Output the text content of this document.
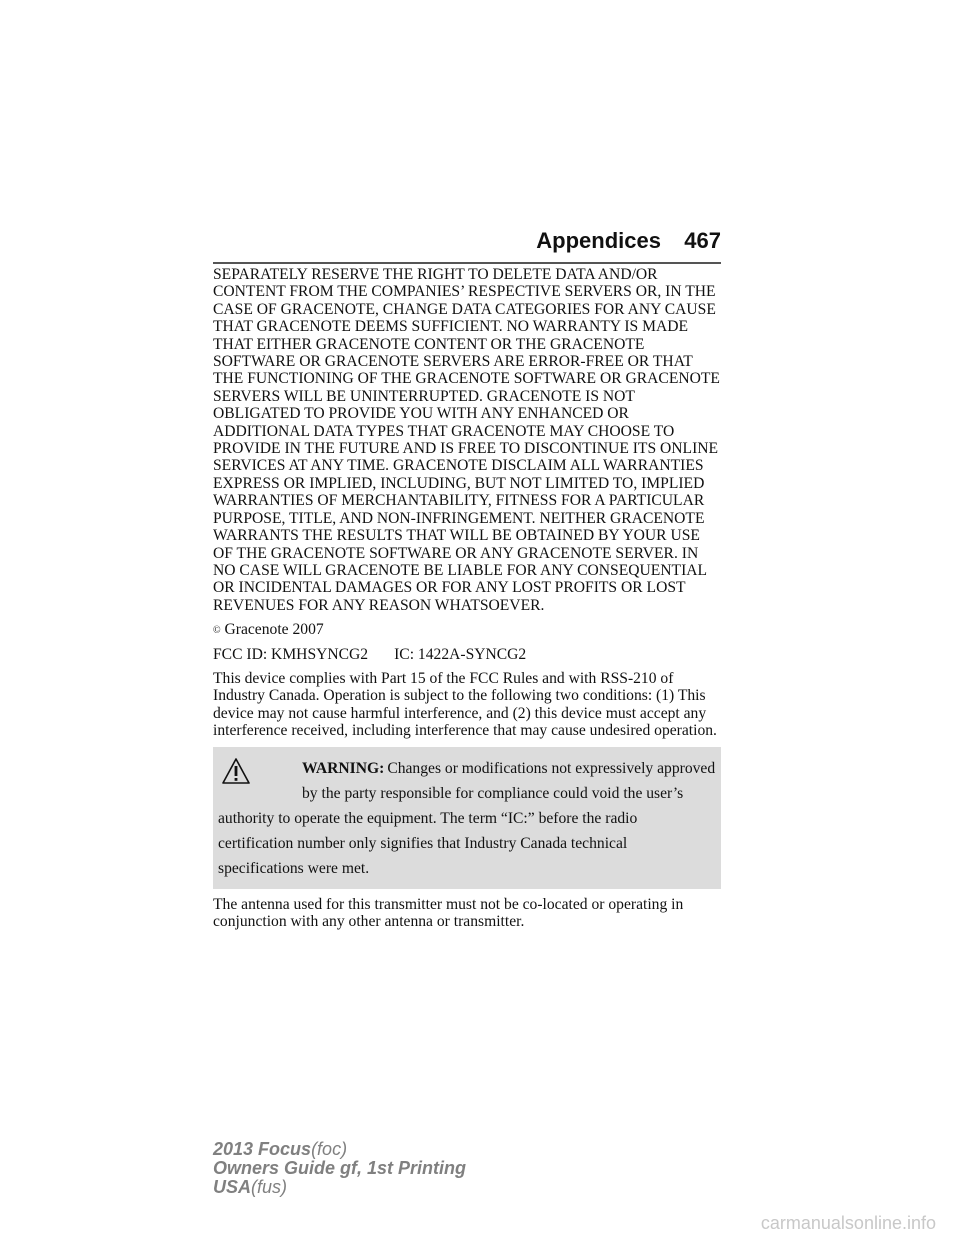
Appendices 467

SEPARATELY RESERVE THE RIGHT TO DELETE DATA AND/OR CONTENT FROM THE COMPANIES’ RESPECTIVE SERVERS OR, IN THE CASE OF GRACENOTE, CHANGE DATA CATEGORIES FOR ANY CAUSE THAT GRACENOTE DEEMS SUFFICIENT. NO WARRANTY IS MADE THAT EITHER GRACENOTE CONTENT OR THE GRACENOTE SOFTWARE OR GRACENOTE SERVERS ARE ERROR-FREE OR THAT THE FUNCTIONING OF THE GRACENOTE SOFTWARE OR GRACENOTE SERVERS WILL BE UNINTERRUPTED. GRACENOTE IS NOT OBLIGATED TO PROVIDE YOU WITH ANY ENHANCED OR ADDITIONAL DATA TYPES THAT GRACENOTE MAY CHOOSE TO PROVIDE IN THE FUTURE AND IS FREE TO DISCONTINUE ITS ONLINE SERVICES AT ANY TIME. GRACENOTE DISCLAIM ALL WARRANTIES EXPRESS OR IMPLIED, INCLUDING, BUT NOT LIMITED TO, IMPLIED WARRANTIES OF MERCHANTABILITY, FITNESS FOR A PARTICULAR PURPOSE, TITLE, AND NON-INFRINGEMENT. NEITHER GRACENOTE WARRANTS THE RESULTS THAT WILL BE OBTAINED BY YOUR USE OF THE GRACENOTE SOFTWARE OR ANY GRACENOTE SERVER. IN NO CASE WILL GRACENOTE BE LIABLE FOR ANY CONSEQUENTIAL OR INCIDENTAL DAMAGES OR FOR ANY LOST PROFITS OR LOST REVENUES FOR ANY REASON WHATSOEVER.

© Gracenote 2007

FCC ID: KMHSYNCG2 IC: 1422A-SYNCG2

This device complies with Part 15 of the FCC Rules and with RSS-210 of Industry Canada. Operation is subject to the following two conditions: (1) This device may not cause harmful interference, and (2) this device must accept any interference received, including interference that may cause undesired operation.

WARNING: Changes or modifications not expressively approved
by the party responsible for compliance could void the user’s
authority to operate the equipment. The term “IC:” before the radio
certification number only signifies that Industry Canada technical
specifications were met.

The antenna used for this transmitter must not be co-located or operating in conjunction with any other antenna or transmitter.

2013 Focus(foc)
Owners Guide gf, 1st Printing
USA(fus)
carmanualsonline.info
